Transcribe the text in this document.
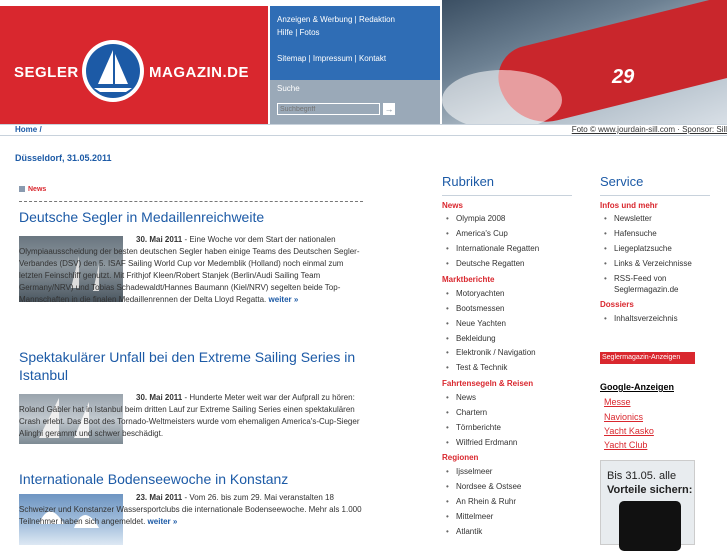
SEGLER	MAGAZIN.DE
Anzeigen & Werbung | Redaktion
Hilfe | Fotos
Sitemap | Impressum | Kontakt
Suche
Suchbegriff
→
29
Home /	Foto © www.jourdain-sill.com · Sponsor: Sill
Düsseldorf, 31.05.2011
News
Deutsche Segler in Medaillenreichweite
30. Mai 2011 - Eine Woche vor dem Start der nationalen Olympiaausscheidung der besten deutschen Segler haben einige Teams des Deutschen Segler-Verbandes (DSV) den 5. ISAF Sailing World Cup vor Medemblik (Holland) noch einmal zum letzten Feinschliff genutzt. Mit Frithjof Kleen/Robert Stanjek (Berlin/Audi Sailing Team Germany/NRV) und Tobias Schadewaldt/Hannes Baumann (Kiel/NRV) segelten beide Top-Mannschaften in die finalen Medaillenrennen der Delta Lloyd Regatta. weiter »
Spektakulärer Unfall bei den Extreme Sailing Series in Istanbul
30. Mai 2011 - Hunderte Meter weit war der Aufprall zu hören: Roland Gäbler hat in Istanbul beim dritten Lauf zur Extreme Sailing Series einen spektakulären Crash erlebt. Das Boot des Tornado-Weltmeisters wurde vom ehemaligen America's-Cup-Sieger Alinghi gerammt und schwer beschädigt.
Internationale Bodenseewoche in Konstanz
23. Mai 2011 - Vom 26. bis zum 29. Mai veranstalten 18 Schweizer und Konstanzer Wassersportclubs die internationale Bodenseewoche. Mehr als 1.000 Teilnehmer haben sich angemeldet. weiter »
Rubriken
News
• Olympia 2008
• America's Cup
• Internationale Regatten
• Deutsche Regatten
Marktberichte
• Motoryachten
• Bootsmessen
• Neue Yachten
• Bekleidung
• Elektronik / Navigation
• Test & Technik
Fahrtensegeln & Reisen
• News
• Chartern
• Törnberichte
• Wilfried Erdmann
Regionen
• Ijsselmeer
• Nordsee & Ostsee
• An Rhein & Ruhr
• Mittelmeer
• Atlantik
Service
Infos und mehr
• Newsletter
• Hafensuche
• Liegeplatzsuche
• Links & Verzeichnisse
• RSS-Feed von
Seglermagazin.de
Dossiers
• Inhaltsverzeichnis
Seglermagazin-Anzeigen
Google-Anzeigen
Messe
Navionics
Yacht Kasko
Yacht Club
Bis 31.05. alle
Vorteile sichern:
